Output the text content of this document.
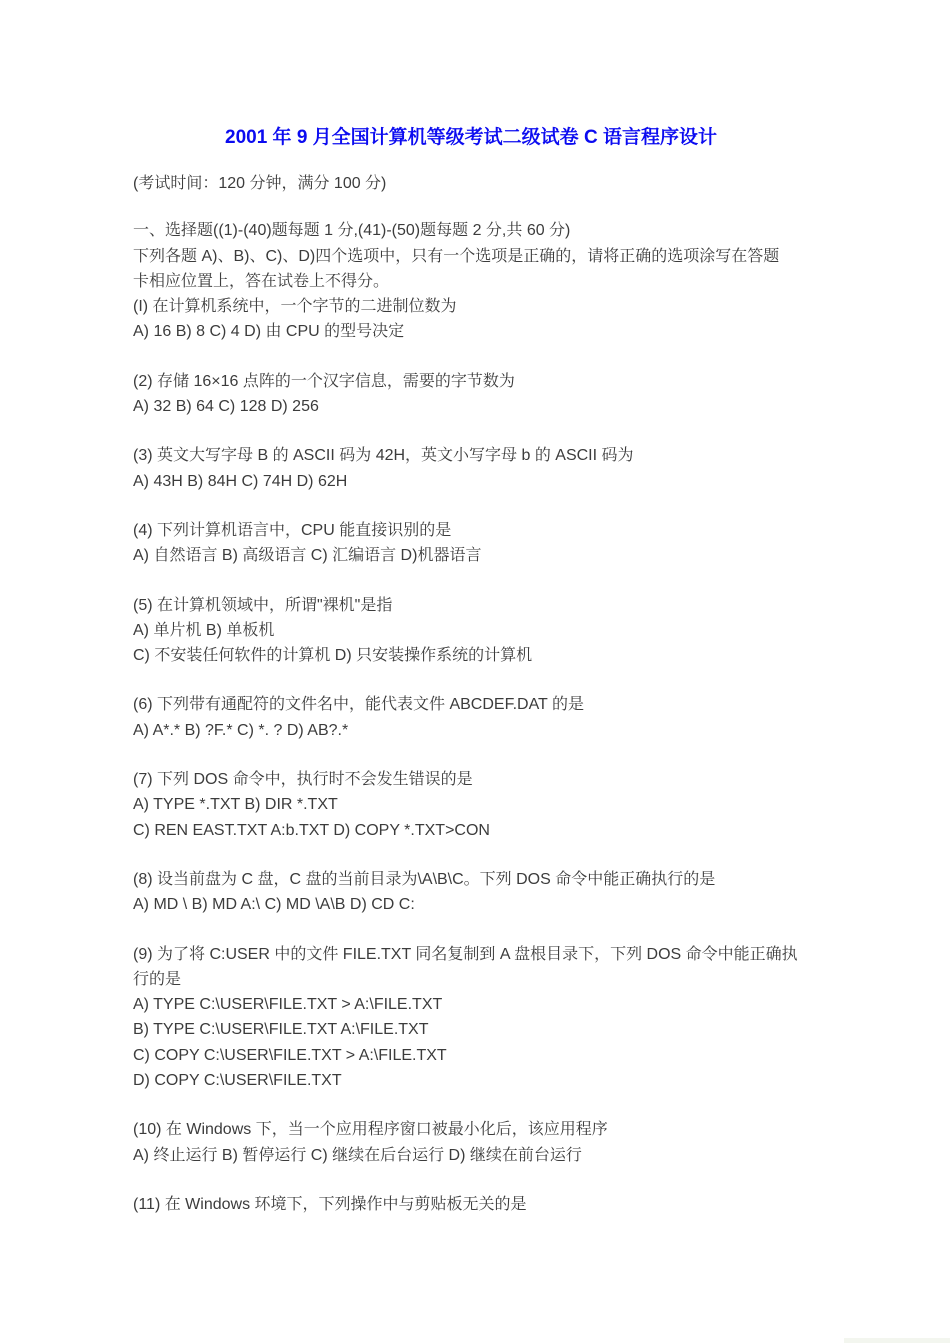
2001 年 9 月全国计算机等级考试二级试卷 C 语言程序设计

(考试时间：120 分钟，满分 100 分)

一、选择题((1)-(40)题每题 1 分,(41)-(50)题每题 2 分,共 60 分)
下列各题 A)、B)、C)、D)四个选项中，只有一个选项是正确的，请将正确的选项涂写在答题
卡相应位置上，答在试卷上不得分。
(I) 在计算机系统中，一个字节的二进制位数为
A) 16 B) 8 C) 4 D) 由 CPU 的型号决定
(2) 存储 16×16 点阵的一个汉字信息，需要的字节数为
A) 32 B) 64 C) 128 D) 256
(3) 英文大写字母 B 的 ASCII 码为 42H，英文小写字母 b 的 ASCII 码为
A) 43H B) 84H C) 74H D) 62H
(4) 下列计算机语言中，CPU 能直接识别的是
A) 自然语言 B) 高级语言 C) 汇编语言 D)机器语言
(5) 在计算机领域中，所谓"裸机"是指
A) 单片机 B) 单板机
C) 不安装任何软件的计算机 D) 只安装操作系统的计算机
(6) 下列带有通配符的文件名中，能代表文件 ABCDEF.DAT 的是
A) A*.* B) ?F.* C) *. ? D) AB?.*
(7) 下列 DOS 命令中，执行时不会发生错误的是
A) TYPE *.TXT B) DIR *.TXT
C) REN EAST.TXT A:b.TXT D) COPY *.TXT>CON
(8) 设当前盘为 C 盘，C 盘的当前目录为\A\B\C。下列 DOS 命令中能正确执行的是
A) MD \ B) MD A:\ C) MD \A\B D) CD C:
(9) 为了将 C:USER 中的文件 FILE.TXT 同名复制到 A 盘根目录下，下列 DOS 命令中能正确执
行的是
A) TYPE C:\USER\FILE.TXT > A:\FILE.TXT
B) TYPE C:\USER\FILE.TXT A:\FILE.TXT
C) COPY C:\USER\FILE.TXT > A:\FILE.TXT
D) COPY C:\USER\FILE.TXT
(10) 在 Windows 下，当一个应用程序窗口被最小化后，该应用程序
A) 终止运行 B) 暂停运行 C) 继续在后台运行 D) 继续在前台运行
(11) 在 Windows 环境下，下列操作中与剪贴板无关的是
